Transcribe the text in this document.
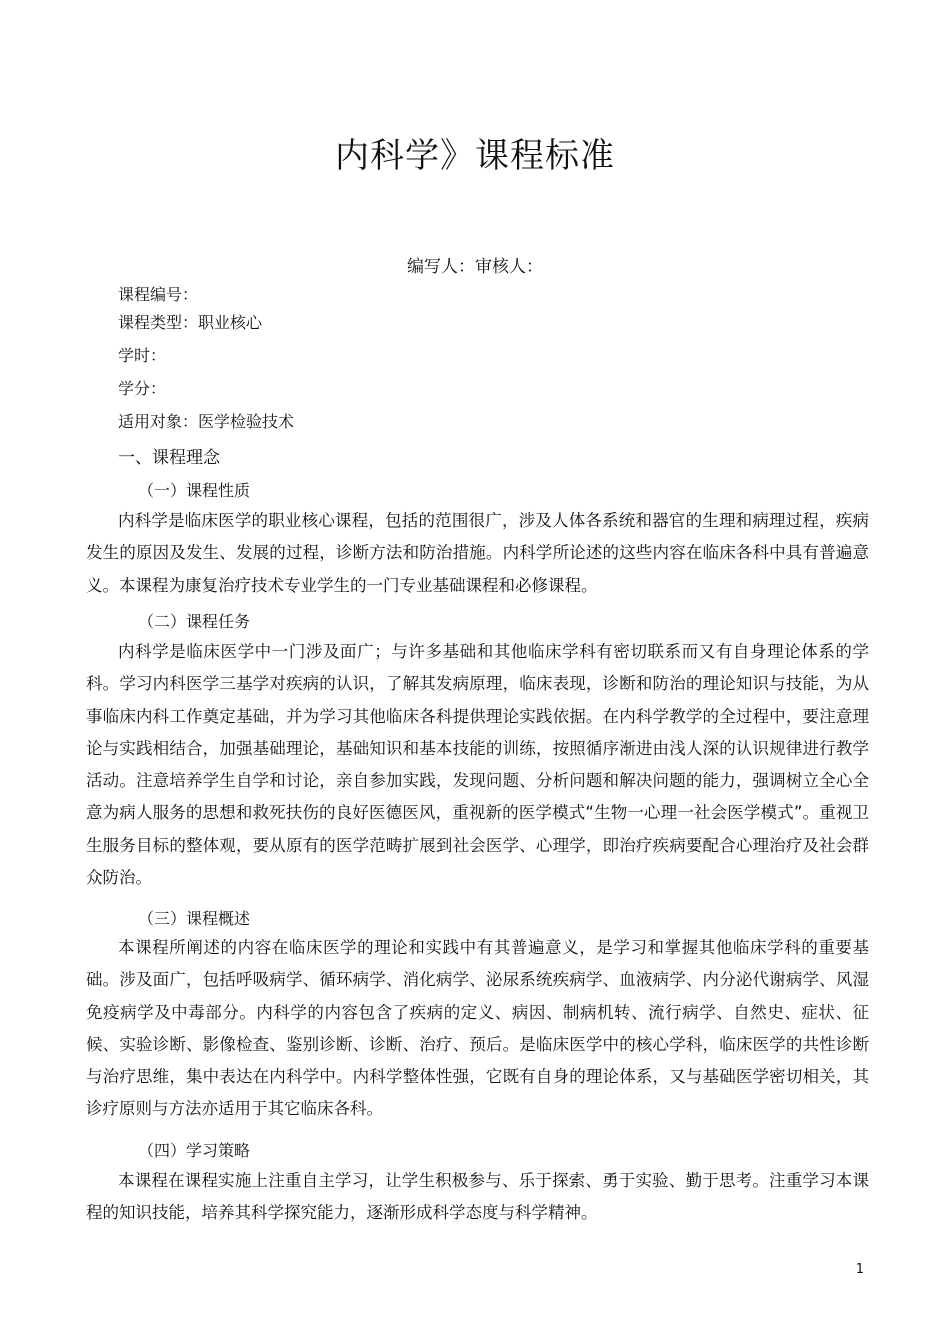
内科学》课程标准
编写人：审核人：
课程编号：
课程类型：职业核心
学时：
学分：
适用对象：医学检验技术
一、课程理念
（一）课程性质

内科学是临床医学的职业核心课程，包括的范围很广，涉及人体各系统和器官的生理和病理过程，疾病发生的原因及发生、发展的过程，诊断方法和防治措施。内科学所论述的这些内容在临床各科中具有普遍意义。本课程为康复治疗技术专业学生的一门专业基础课程和必修课程。

（二）课程任务

内科学是临床医学中一门涉及面广；与许多基础和其他临床学科有密切联系而又有自身理论体系的学科。学习内科医学三基学对疾病的认识，了解其发病原理，临床表现，诊断和防治的理论知识与技能，为从事临床内科工作奠定基础，并为学习其他临床各科提供理论实践依据。在内科学教学的全过程中，要注意理论与实践相结合，加强基础理论，基础知识和基本技能的训练，按照循序渐进由浅人深的认识规律进行教学活动。注意培养学生自学和讨论，亲自参加实践，发现问题、分析问题和解决问题的能力，强调树立全心全意为病人服务的思想和救死扶伤的良好医德医风，重视新的医学模式“生物一心理一社会医学模式”。重视卫生服务目标的整体观，要从原有的医学范畴扩展到社会医学、心理学，即治疗疾病要配合心理治疗及社会群众防治。

（三）课程概述

本课程所阐述的内容在临床医学的理论和实践中有其普遍意义，是学习和掌握其他临床学科的重要基础。涉及面广，包括呼吸病学、循环病学、消化病学、泌尿系统疾病学、血液病学、内分泌代谢病学、风湿免疫病学及中毒部分。内科学的内容包含了疾病的定义、病因、制病机转、流行病学、自然史、症状、征候、实验诊断、影像检查、鉴别诊断、诊断、治疗、预后。是临床医学中的核心学科，临床医学的共性诊断与治疗思维，集中表达在内科学中。内科学整体性强，它既有自身的理论体系，又与基础医学密切相关，其诊疗原则与方法亦适用于其它临床各科。

（四）学习策略

本课程在课程实施上注重自主学习，让学生积极参与、乐于探索、勇于实验、勤于思考。注重学习本课程的知识技能，培养其科学探究能力，逐渐形成科学态度与科学精神。

1
